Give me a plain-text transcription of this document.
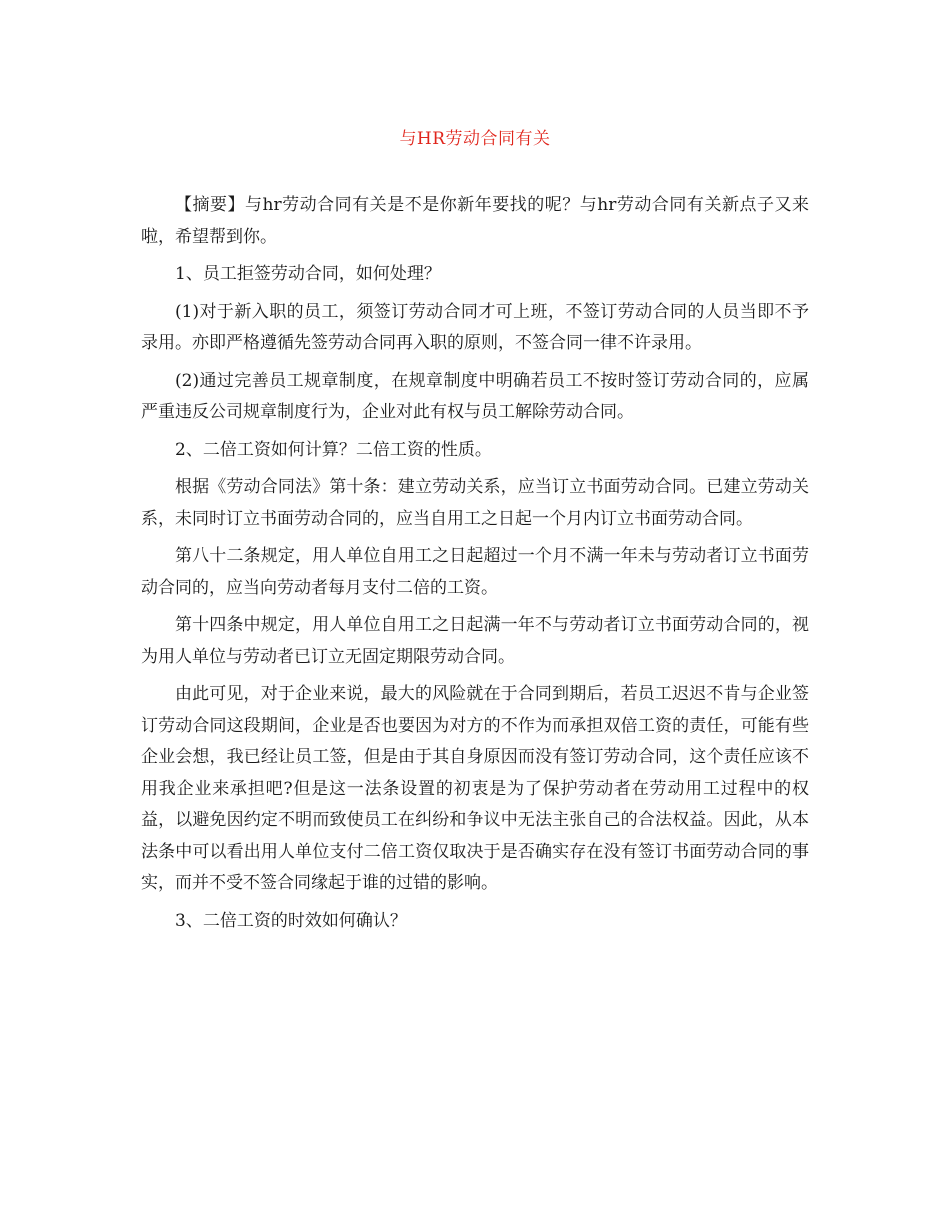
与HR劳动合同有关

【摘要】与hr劳动合同有关是不是你新年要找的呢？与hr劳动合同有关新点子又来啦，希望帮到你。

1、员工拒签劳动合同，如何处理？

(1)对于新入职的员工，须签订劳动合同才可上班，不签订劳动合同的人员当即不予录用。亦即严格遵循先签劳动合同再入职的原则，不签合同一律不许录用。

(2)通过完善员工规章制度，在规章制度中明确若员工不按时签订劳动合同的，应属严重违反公司规章制度行为，企业对此有权与员工解除劳动合同。

2、二倍工资如何计算？二倍工资的性质。

根据《劳动合同法》第十条：建立劳动关系，应当订立书面劳动合同。已建立劳动关系，未同时订立书面劳动合同的，应当自用工之日起一个月内订立书面劳动合同。

第八十二条规定，用人单位自用工之日起超过一个月不满一年未与劳动者订立书面劳动合同的，应当向劳动者每月支付二倍的工资。

第十四条中规定，用人单位自用工之日起满一年不与劳动者订立书面劳动合同的，视为用人单位与劳动者已订立无固定期限劳动合同。

由此可见，对于企业来说，最大的风险就在于合同到期后，若员工迟迟不肯与企业签订劳动合同这段期间，企业是否也要因为对方的不作为而承担双倍工资的责任，可能有些企业会想，我已经让员工签，但是由于其自身原因而没有签订劳动合同，这个责任应该不用我企业来承担吧?但是这一法条设置的初衷是为了保护劳动者在劳动用工过程中的权益，以避免因约定不明而致使员工在纠纷和争议中无法主张自己的合法权益。因此，从本法条中可以看出用人单位支付二倍工资仅取决于是否确实存在没有签订书面劳动合同的事实，而并不受不签合同缘起于谁的过错的影响。

3、二倍工资的时效如何确认？
